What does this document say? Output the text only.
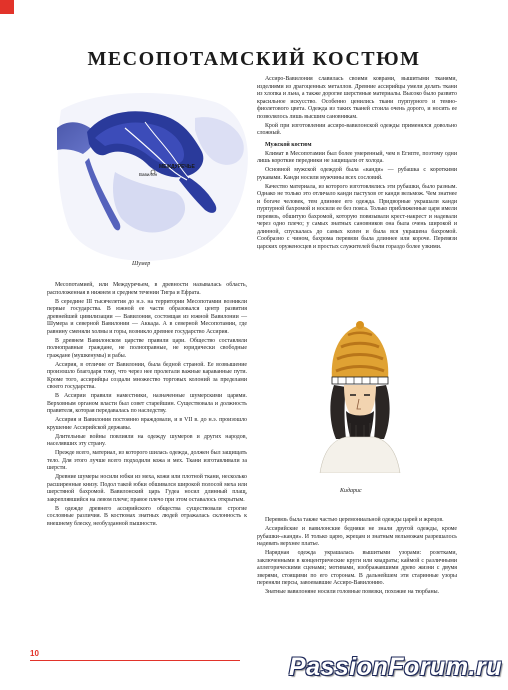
МЕСОПОТАМСКИЙ КОСТЮМ
Вавилон
МЕЖДУРЕЧЬЕ
Шумер

Месопотамией, или Междуречьем, в древности называлась область, расположенная в нижнем и среднем течении Тигра и Ефрата.

В середине III тысячелетия до н.э. на территории Месопотамии возникли первые государства. В южной ее части образовался центр развития древнейшей цивилизации — Вавилония, состоящая из южной Вавилонии — Шумера и северной Вавилонии — Аккада. А в северной Месопотамии, где равнину сменяли холмы и горы, возникло древнее государство Ассирия.

В древнем Вавилонском царстве правили цари. Общество составляли полноправные граждане, не полноправные, не юридически свободные граждане (мушкенумы) и рабы.

Ассирия, в отличие от Вавилонии, была бедной страной. Ее возвышение произошло благодаря тому, что через нее пролегали важные караванные пути. Кроме того, ассирийцы создали множество торговых колоний за пределами своего государства.

В Ассирии правили наместники, назначенные шумерскими царями. Верховным органом власти был совет старейшин. Существовала и должность правителя, которая передавалась по наследству.

Ассирия и Вавилония постоянно враждовали, и в VII в. до н.э. произошло крушение Ассирийской державы.

Длительные войны повлияли на одежду шумеров и других народов, населявших эту страну.

Прежде всего, материал, из которого шилась одежда, должен был защищать тело. Для этого лучше всего подходили кожа и мех. Ткани изготавливали за шерсти.

Древние шумеры носили юбки из меха, кожи или плотной ткани, несколько расширенные книзу. Подол такой юбки обшивался широкой полосой меха или шерстяной бахромой. Вавилонский царь Гудеа носил длинный плащ, закреплявшийся на левом плече; правое плечо при этом оставалось открытым.

В одежде древнего ассирийского общества существовали строгие сословные различия. В костюмах знатных людей отражалась склонность к внешнему блеску, необузданной пышности.

Ассиро-Вавилония славилась своими коврами, вышитыми тканями, изделиями из драгоценных металлов. Древние ассирийцы умели делать ткани из хлопка и льна, а также дорогие шерстяные материалы. Высоко было развито красильное искусство. Особенно ценились ткани пурпурного и темно-фиолетового цвета. Одежда из таких тканей стоила очень дорого, и носить ее позволялось лишь высшим сановникам.

Крой при изготовлении ассиро-вавилонской одежды применялся довольно сложный.

Мужской костюм

Климат в Месопотамии был более умеренный, чем в Египте, поэтому одни лишь короткие передники не защищали от холода.

Основной мужской одеждой была «канди» — рубашка с короткими рукавами. Канди носили мужчины всех сословий.

Качество материала, из которого изготовлялись эти рубашки, было разным. Однако не только это отличало канди пастухов от канди вельмож. Чем знатнее и богаче человек, тем длиннее его одежда. Придворные украшали канди пурпурной бахромой и носили ее без пояса. Только приближенные царя имели перевязь, обшитую бахромой, которую повязывали крест-накрест и надевали через одно плечо; у самых знатных сановников она была очень широкой и длинной, спускалась до самых колен и была вся украшена бахромой. Сообразно с чином, бахрома перевязи была длиннее или короче. Перевязи царских оруженосцев и простых служителей были гораздо более узкими.

Кидарис

Перевязь была также частью церемониальной одежды царей и жрецов.

Ассирийские и вавилонские бедняки не знали другой одежды, кроме рубашки-«канди». И только царю, жрецам и знатным вельможам разрешалось надевать верхнее платье.

Нарядная одежда украшалась вышитыми узорами: розетками, заключенными в концентрические круги или квадраты; каймой с различными аллегорическими сценами; мотивами, изображавшими древо жизни с двумя зверями, стоящими по его сторонам. В дальнейшем эти старинные узоры переняли персы, завоевавшие Ассиро-Вавилонию.

Знатные вавилоняне носили головные повязки, похожие на тюрбаны.

10	PassionForum.ru
